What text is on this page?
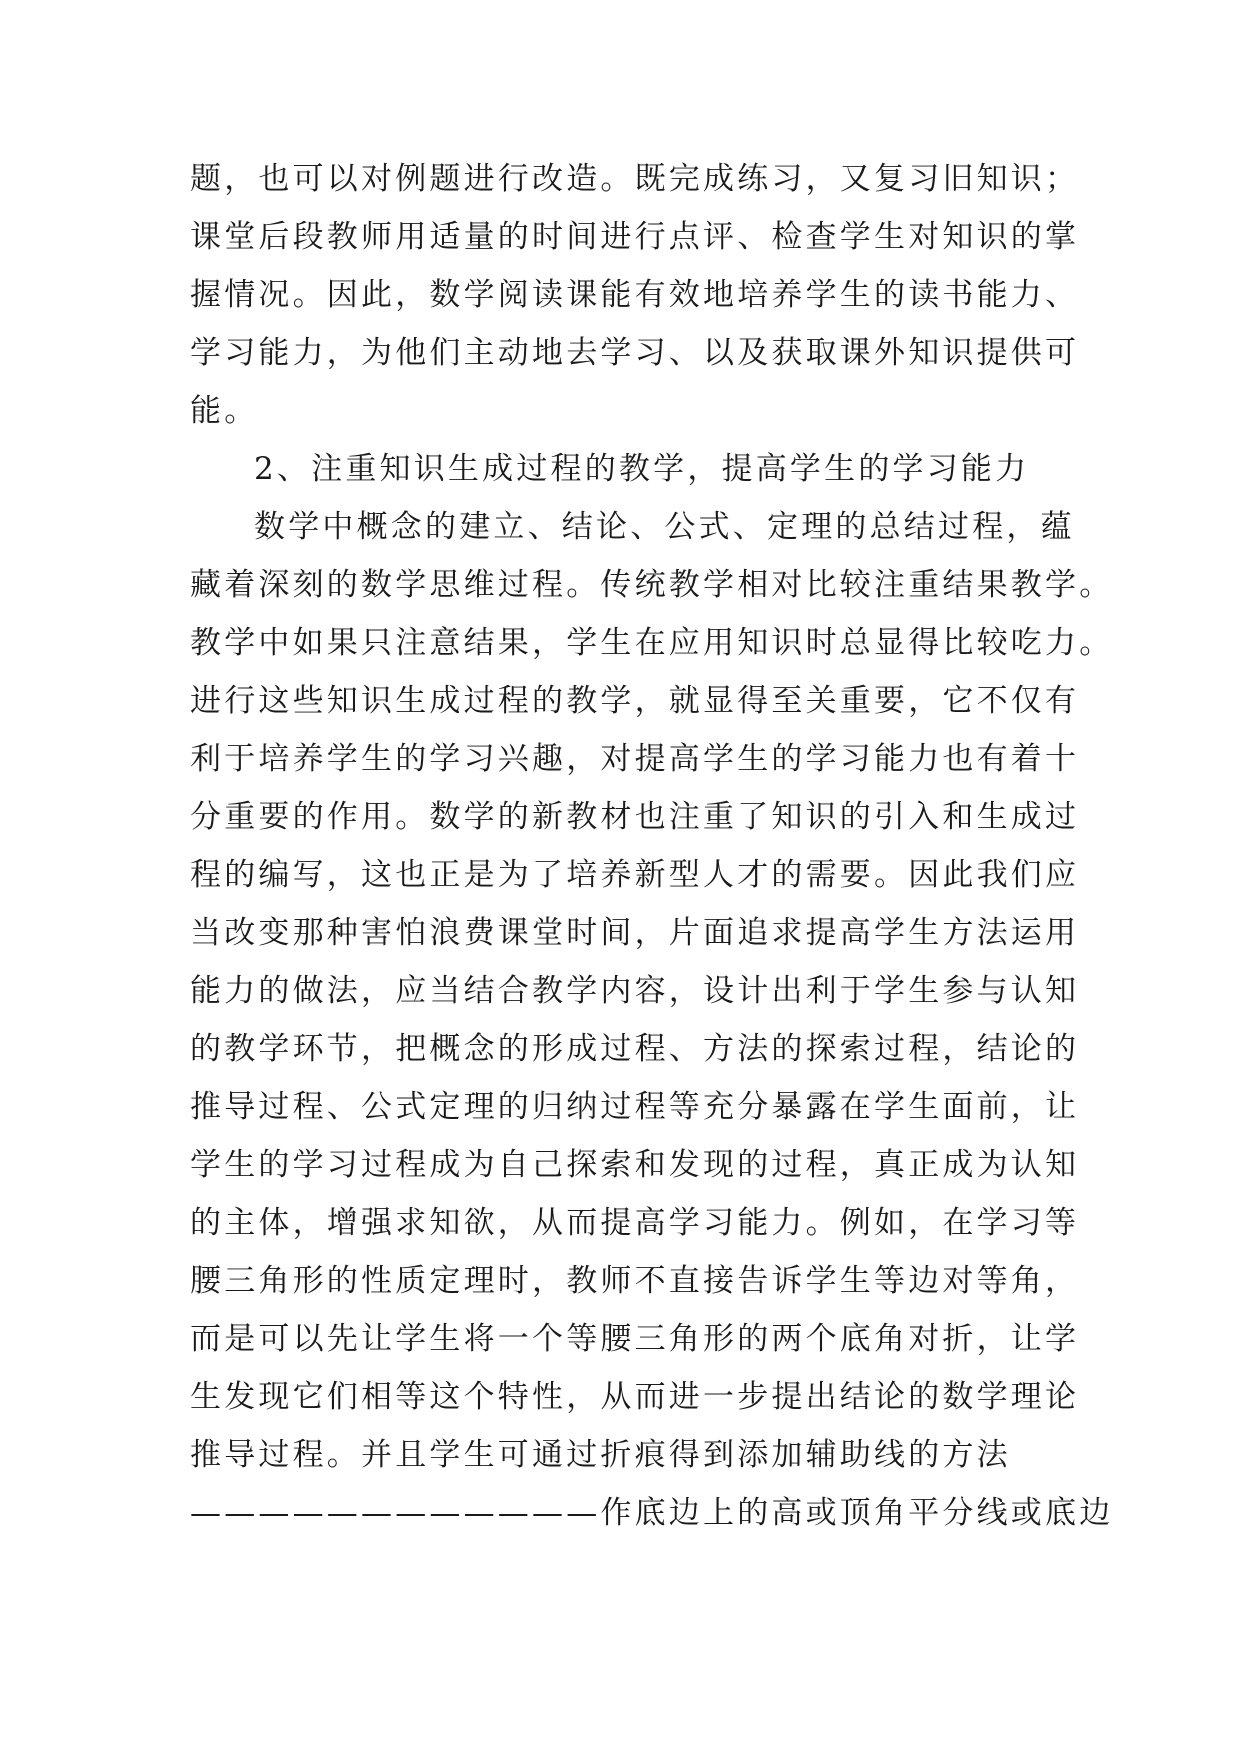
题，也可以对例题进行改造。既完成练习，又复习旧知识；
课堂后段教师用适量的时间进行点评、检查学生对知识的掌
握情况。因此，数学阅读课能有效地培养学生的读书能力、
学习能力，为他们主动地去学习、以及获取课外知识提供可
能。
2、注重知识生成过程的教学，提高学生的学习能力
数学中概念的建立、结论、公式、定理的总结过程，蕴
藏着深刻的数学思维过程。传统教学相对比较注重结果教学。
教学中如果只注意结果，学生在应用知识时总显得比较吃力。
进行这些知识生成过程的教学，就显得至关重要，它不仅有
利于培养学生的学习兴趣，对提高学生的学习能力也有着十
分重要的作用。数学的新教材也注重了知识的引入和生成过
程的编写，这也正是为了培养新型人才的需要。因此我们应
当改变那种害怕浪费课堂时间，片面追求提高学生方法运用
能力的做法，应当结合教学内容，设计出利于学生参与认知
的教学环节，把概念的形成过程、方法的探索过程，结论的
推导过程、公式定理的归纳过程等充分暴露在学生面前，让
学生的学习过程成为自己探索和发现的过程，真正成为认知
的主体，增强求知欲，从而提高学习能力。例如，在学习等
腰三角形的性质定理时，教师不直接告诉学生等边对等角，
而是可以先让学生将一个等腰三角形的两个底角对折，让学
生发现它们相等这个特性，从而进一步提出结论的数学理论
推导过程。并且学生可通过折痕得到添加辅助线的方法
————————————作底边上的高或顶角平分线或底边
